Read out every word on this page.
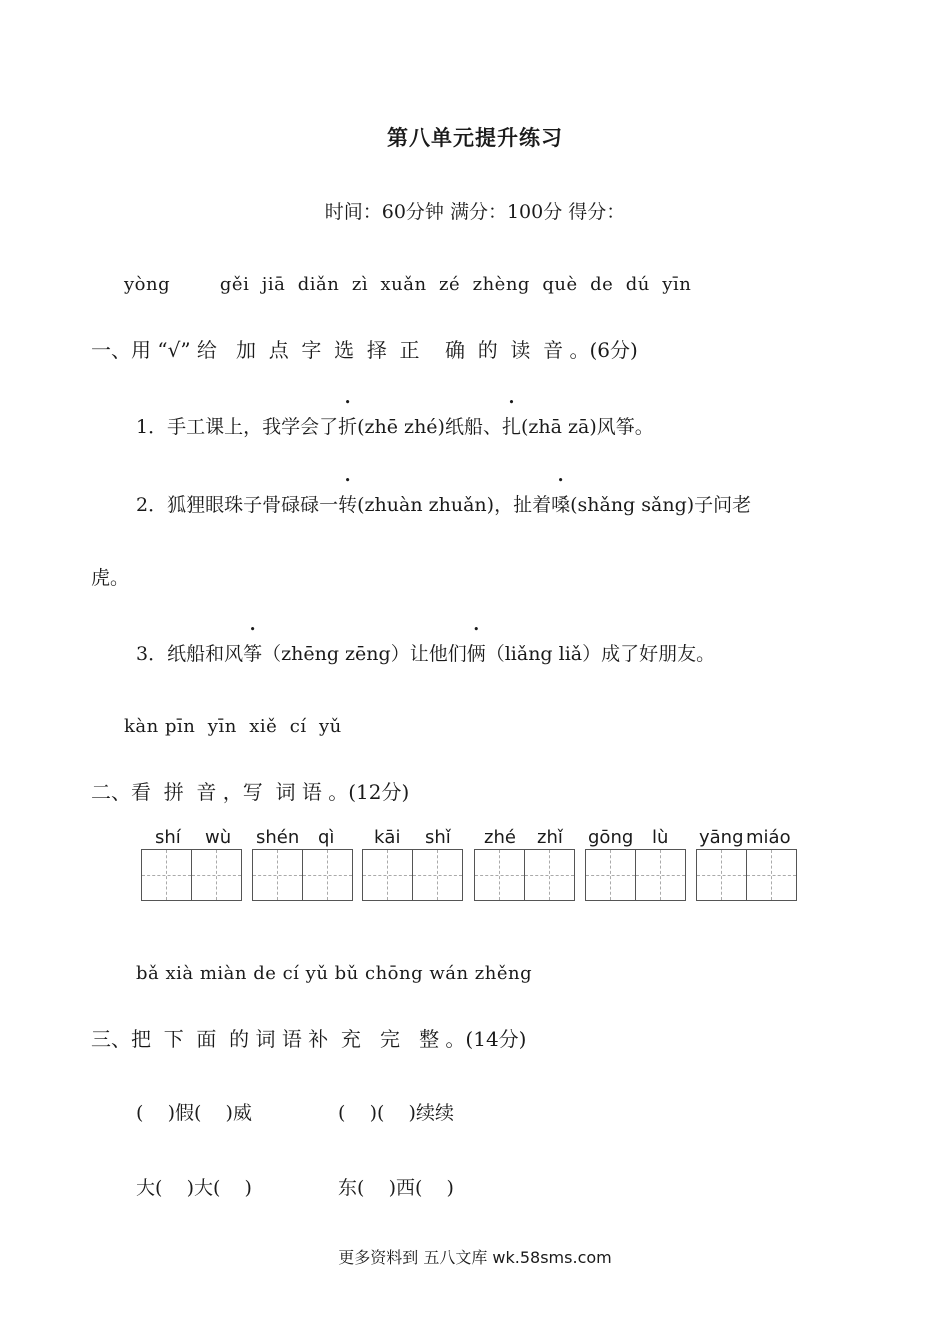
第八单元提升练习
时间：60分钟 满分：100分 得分：
yòng        gěi  jiā  diǎn  zì  xuǎn  zé  zhèng  què  de  dú  yīn
一、用 “√” 给   加  点  字  选  择  正    确  的  读  音 。(6分)
1．手工课上，我学会了折(zhē zhé)纸船、扎(zhā zā)风筝。
2．狐狸眼珠子骨碌碌一转(zhuàn zhuǎn)，扯着嗓(shǎng sǎng)子问老
虎。
3．纸船和风筝（zhēng zēng）让他们俩（liǎng liǎ）成了好朋友。
kàn pīn  yīn  xiě  cí  yǔ
二、看  拼  音 ，写  词 语 。(12分)
shí wù shén qì kāi shǐ zhé zhǐ gōng lù yāng miáo
bǎ xià miàn de cí yǔ bǔ chōng wán zhěng
三、把  下  面  的 词 语 补  充   完   整 。(14分)
(    )假(    )威	(    )(    )续续
大(    )大(    )	东(    )西(    )
更多资料到 五八文库 wk.58sms.com
